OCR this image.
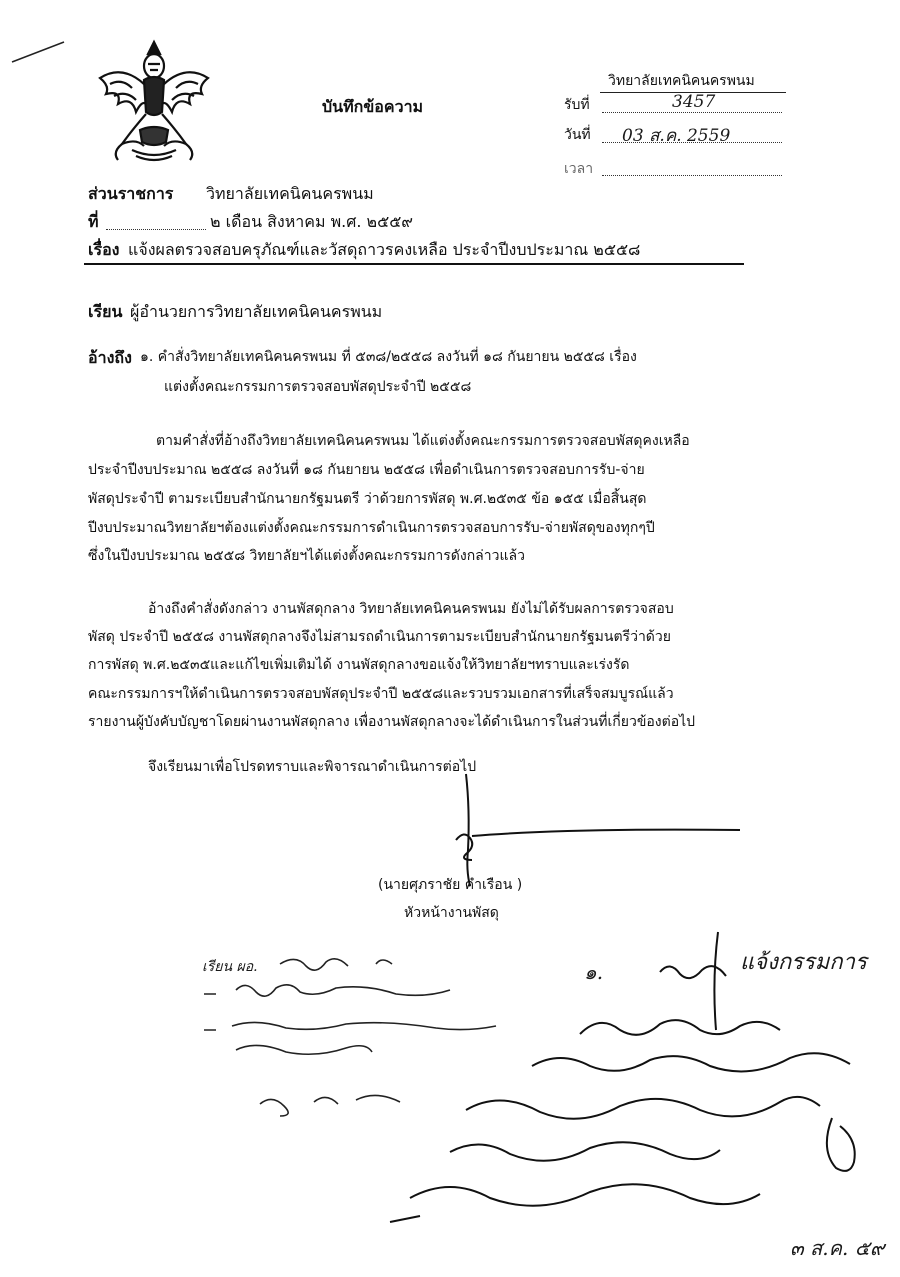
บันทึกข้อความ
วิทยาลัยเทคนิคนครพนม
รับที่	3457
วันที่ 03 ส.ค. 2559
เวลา
ส่วนราชการ วิทยาลัยเทคนิคนครพนม
ที่	๒ เดือน สิงหาคม พ.ศ. ๒๕๕๙
เรื่อง แจ้งผลตรวจสอบครุภัณฑ์และวัสดุถาวรคงเหลือ ประจำปีงบประมาณ ๒๕๕๘
เรียน ผู้อำนวยการวิทยาลัยเทคนิคนครพนม
อ้างถึง ๑. คำสั่งวิทยาลัยเทคนิคนครพนม ที่ ๕๓๘/๒๕๕๘ ลงวันที่ ๑๘ กันยายน ๒๕๕๘ เรื่อง
แต่งตั้งคณะกรรมการตรวจสอบพัสดุประจำปี ๒๕๕๘
ตามคำสั่งที่อ้างถึงวิทยาลัยเทคนิคนครพนม ได้แต่งตั้งคณะกรรมการตรวจสอบพัสดุคงเหลือ
ประจำปีงบประมาณ ๒๕๕๘ ลงวันที่ ๑๘ กันยายน ๒๕๕๘ เพื่อดำเนินการตรวจสอบการรับ-จ่าย
พัสดุประจำปี ตามระเบียบสำนักนายกรัฐมนตรี ว่าด้วยการพัสดุ พ.ศ.๒๕๓๕ ข้อ ๑๕๕ เมื่อสิ้นสุด
ปีงบประมาณวิทยาลัยฯต้องแต่งตั้งคณะกรรมการดำเนินการตรวจสอบการรับ-จ่ายพัสดุของทุกๆปี
ซึ่งในปีงบประมาณ ๒๕๕๘ วิทยาลัยฯได้แต่งตั้งคณะกรรมการดังกล่าวแล้ว
อ้างถึงคำสั่งดังกล่าว งานพัสดุกลาง วิทยาลัยเทคนิคนครพนม ยังไม่ได้รับผลการตรวจสอบ
พัสดุ ประจำปี ๒๕๕๘ งานพัสดุกลางจึงไม่สามรถดำเนินการตามระเบียบสำนักนายกรัฐมนตรีว่าด้วย
การพัสดุ พ.ศ.๒๕๓๕และแก้ไขเพิ่มเติมได้ งานพัสดุกลางขอแจ้งให้วิทยาลัยฯทราบและเร่งรัด
คณะกรรมการฯให้ดำเนินการตรวจสอบพัสดุประจำปี ๒๕๕๘และรวบรวมเอกสารที่เสร็จสมบูรณ์แล้ว
รายงานผู้บังคับบัญชาโดยผ่านงานพัสดุกลาง เพื่องานพัสดุกลางจะได้ดำเนินการในส่วนที่เกี่ยวข้องต่อไป
จึงเรียนมาเพื่อโปรดทราบและพิจารณาดำเนินการต่อไป
(นายศุภราชัย คำเรือน )
หัวหน้างานพัสดุ
เรียน ผอ.	๑.	แจ้งกรรมการ
๓ ส.ค. ๕๙
